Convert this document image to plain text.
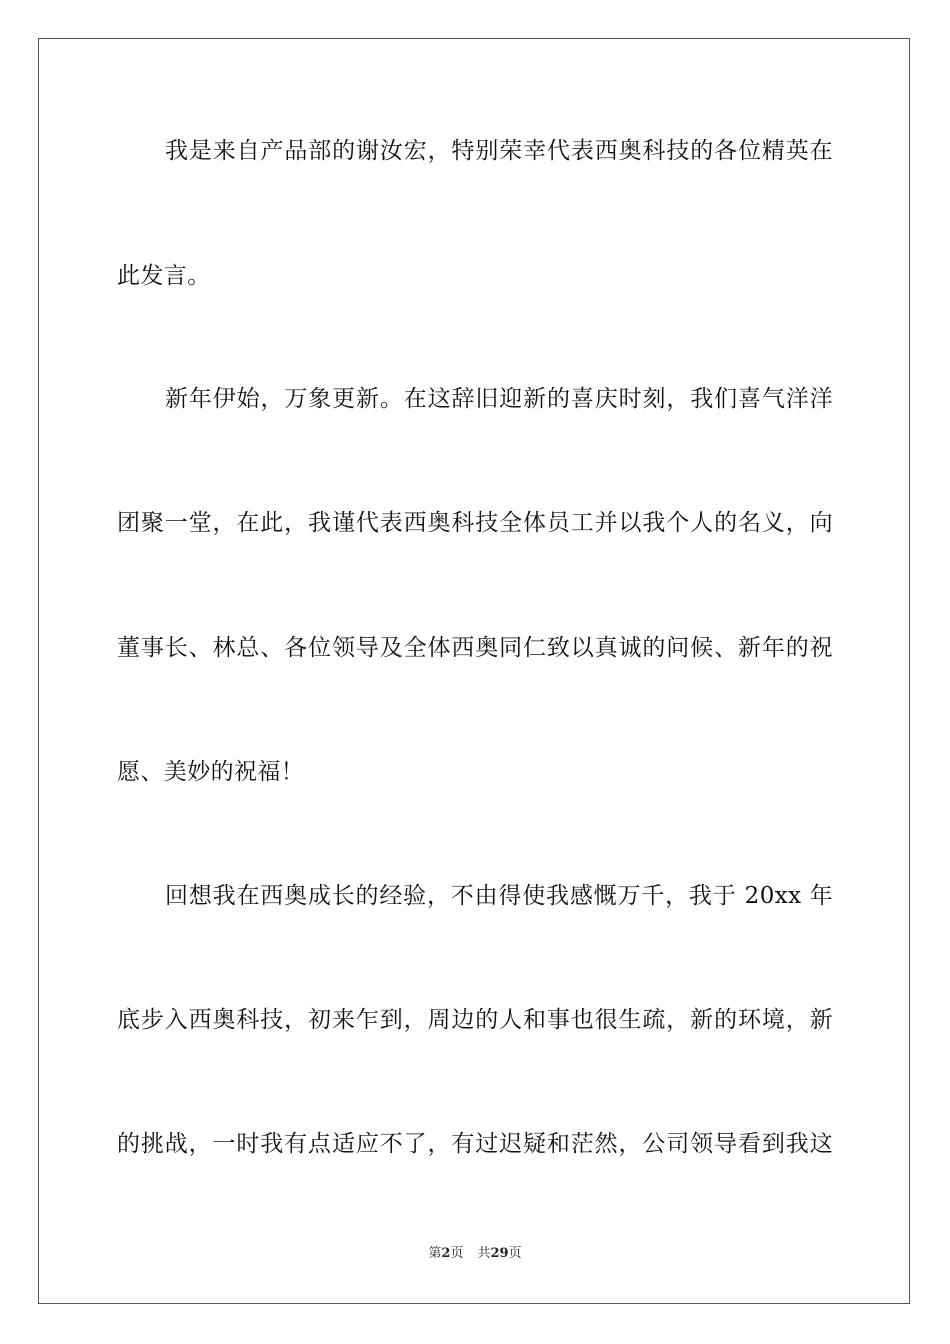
我是来自产品部的谢汝宏，特别荣幸代表西奥科技的各位精英在
此发言。
新年伊始，万象更新。在这辞旧迎新的喜庆时刻，我们喜气洋洋
团聚一堂，在此，我谨代表西奥科技全体员工并以我个人的名义，向
董事长、林总、各位领导及全体西奥同仁致以真诚的问候、新年的祝
愿、美妙的祝福！
回想我在西奥成长的经验，不由得使我感慨万千，我于 20xx 年
底步入西奥科技，初来乍到，周边的人和事也很生疏，新的环境，新
的挑战，一时我有点适应不了，有过迟疑和茫然，公司领导看到我这
第2页 共29页
